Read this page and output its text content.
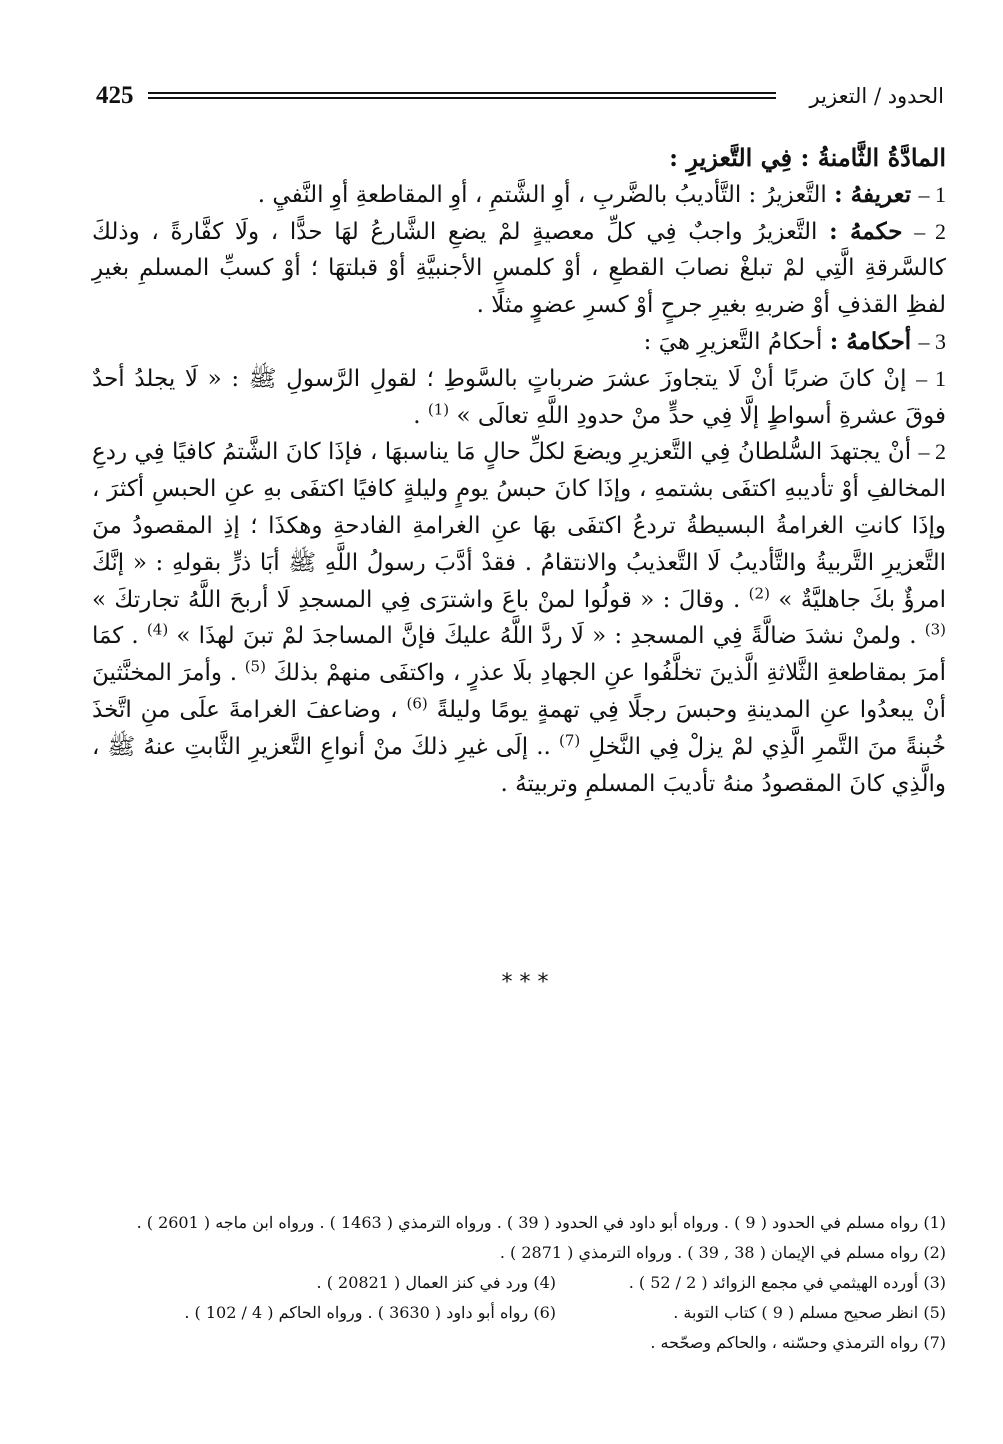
425	الحدود / التعزير

المادَّةُ الثَّامنةُ : فِي التَّعزيرِ :

1 – تعريفهُ : التَّعزيرُ : التَّأديبُ بالضَّربِ ، أوِ الشَّتمِ ، أوِ المقاطعةِ أوِ النَّفيِ .

2 – حكمهُ : التَّعزيرُ واجبٌ فِي كلِّ معصيةٍ لمْ يضعِ الشَّارعُ لهَا حدًّا ، ولَا كفَّارةً ، وذلكَ كالسَّرقةِ الَّتِي لمْ تبلغْ نصابَ القطعِ ، أوْ كلمسِ الأجنبيَّةِ أوْ قبلتهَا ؛ أوْ كسبِّ المسلمِ بغيرِ لفظِ القذفِ أوْ ضربهِ بغيرِ جرحٍ أوْ كسرِ عضوٍ مثلًا .

3 – أحكامهُ : أحكامُ التَّعزيرِ هيَ :

1 – إنْ كانَ ضربًا أنْ لَا يتجاوزَ عشرَ ضرباتٍ بالسَّوطِ ؛ لقولِ الرَّسولِ ﷺ : « لَا يجلدُ أحدٌ فوقَ عشرةِ أسواطٍ إلَّا فِي حدٍّ منْ حدودِ اللَّهِ تعالَى » $^{(1)}$ .

2 – أنْ يجتهدَ السُّلطانُ فِي التَّعزيرِ ويضعَ لكلِّ حالٍ مَا يناسبهَا ، فإذَا كانَ الشَّتمُ كافيًا فِي ردعِ المخالفِ أوْ تأديبهِ اكتفَى بشتمهِ ، وإذَا كانَ حبسُ يومٍ وليلةٍ كافيًا اكتفَى بهِ عنِ الحبسِ أكثرَ ، وإذَا كانتِ الغرامةُ البسيطةُ تردعُ اكتفَى بهَا عنِ الغرامةِ الفادحةِ وهكذَا ؛ إذِ المقصودُ منَ التَّعزيرِ التَّربيةُ والتَّأديبُ لَا التَّعذيبُ والانتقامُ . فقدْ أدَّبَ رسولُ اللَّهِ ﷺ أبَا ذرٍّ بقولهِ : « إنَّكَ امرؤٌ بكَ جاهليَّةٌ » $^{(2)}$ . وقالَ : « قولُوا لمنْ باعَ واشترَى فِي المسجدِ لَا أربحَ اللَّهُ تجارتكَ » $^{(3)}$ . ولمنْ نشدَ ضالَّةً فِي المسجدِ : « لَا ردَّ اللَّهُ عليكَ فإنَّ المساجدَ لمْ تبنَ لهذَا » $^{(4)}$ . كمَا أمرَ بمقاطعةِ الثَّلاثةِ الَّذينَ تخلَّفُوا عنِ الجهادِ بلَا عذرٍ ، واكتفَى منهمْ بذلكَ $^{(5)}$ . وأمرَ المخنَّثينَ أنْ يبعدُوا عنِ المدينةِ وحبسَ رجلًا فِي تهمةٍ يومًا وليلةً $^{(6)}$ ، وضاعفَ الغرامةَ علَى منِ اتَّخذَ خُبنةً منَ التَّمرِ الَّذِي لمْ يزلْ فِي النَّخلِ $^{(7)}$ .. إلَى غيرِ ذلكَ منْ أنواعِ التَّعزيرِ الثَّابتِ عنهُ ﷺ ، والَّذِي كانَ المقصودُ منهُ تأديبَ المسلمِ وتربيتهُ .

* * *
(1) رواه مسلم في الحدود ( 9 ) . ورواه أبو داود في الحدود ( 39 ) . ورواه الترمذي ( 1463 ) . ورواه ابن ماجه ( 2601 ) .
(2) رواه مسلم في الإيمان ( 38 , 39 ) . ورواه الترمذي ( 2871 ) .
(3) أورده الهيثمي في مجمع الزوائد ( 2 / 52 ) .
(4) ورد في كنز العمال ( 20821 ) .
(5) انظر صحيح مسلم ( 9 ) كتاب التوبة .
(6) رواه أبو داود ( 3630 ) . ورواه الحاكم ( 4 / 102 ) .
(7) رواه الترمذي وحسّنه ، والحاكم وصحّحه .
